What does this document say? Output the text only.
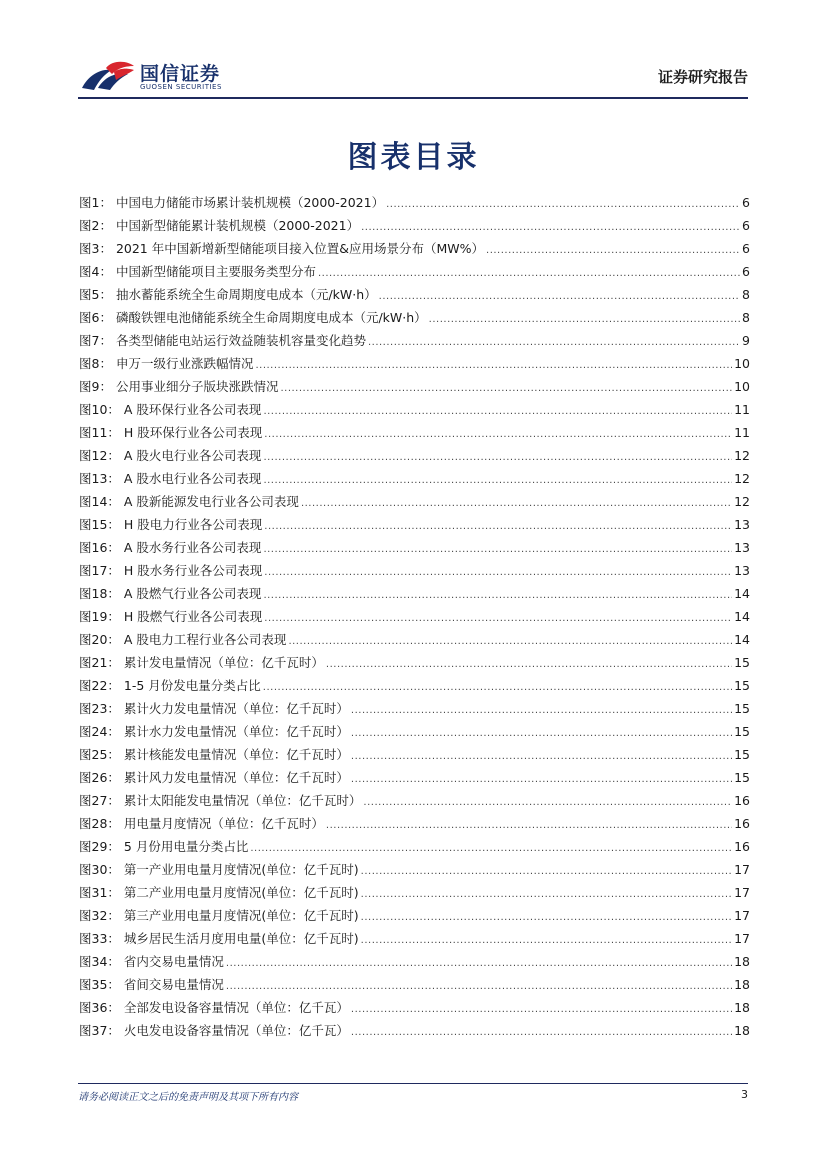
国信证券
GUOSEN SECURITIES
证券研究报告
图表目录
图1： 中国电力储能市场累计装机规模（2000-2021） .....	6
图2： 中国新型储能累计装机规模（2000-2021） .....	6
图3： 2021 年中国新增新型储能项目接入位置&应用场景分布（MW%） .....	6
图4： 中国新型储能项目主要服务类型分布 .....	6
图5： 抽水蓄能系统全生命周期度电成本（元/kW·h） .....	8
图6： 磷酸铁锂电池储能系统全生命周期度电成本（元/kW·h） .....	8
图7： 各类型储能电站运行效益随装机容量变化趋势 .....	9
图8： 申万一级行业涨跌幅情况 .....	10
图9： 公用事业细分子版块涨跌情况 .....	10
图10： A 股环保行业各公司表现 .....	11
图11： H 股环保行业各公司表现 .....	11
图12： A 股火电行业各公司表现 .....	12
图13： A 股水电行业各公司表现 .....	12
图14： A 股新能源发电行业各公司表现 .....	12
图15： H 股电力行业各公司表现 .....	13
图16： A 股水务行业各公司表现 .....	13
图17： H 股水务行业各公司表现 .....	13
图18： A 股燃气行业各公司表现 .....	14
图19： H 股燃气行业各公司表现 .....	14
图20： A 股电力工程行业各公司表现 .....	14
图21： 累计发电量情况（单位：亿千瓦时） .....	15
图22： 1-5 月份发电量分类占比 .....	15
图23： 累计火力发电量情况（单位：亿千瓦时） .....	15
图24： 累计水力发电量情况（单位：亿千瓦时） .....	15
图25： 累计核能发电量情况（单位：亿千瓦时） .....	15
图26： 累计风力发电量情况（单位：亿千瓦时） .....	15
图27： 累计太阳能发电量情况（单位：亿千瓦时） .....	16
图28： 用电量月度情况（单位：亿千瓦时） .....	16
图29： 5 月份用电量分类占比 .....	16
图30： 第一产业用电量月度情况(单位：亿千瓦时) .....	17
图31： 第二产业用电量月度情况(单位：亿千瓦时) .....	17
图32： 第三产业用电量月度情况(单位：亿千瓦时) .....	17
图33： 城乡居民生活月度用电量(单位：亿千瓦时) .....	17
图34： 省内交易电量情况 .....	18
图35： 省间交易电量情况 .....	18
图36： 全部发电设备容量情况（单位：亿千瓦） .....	18
图37： 火电发电设备容量情况（单位：亿千瓦） .....	18
请务必阅读正文之后的免责声明及其项下所有内容	3
